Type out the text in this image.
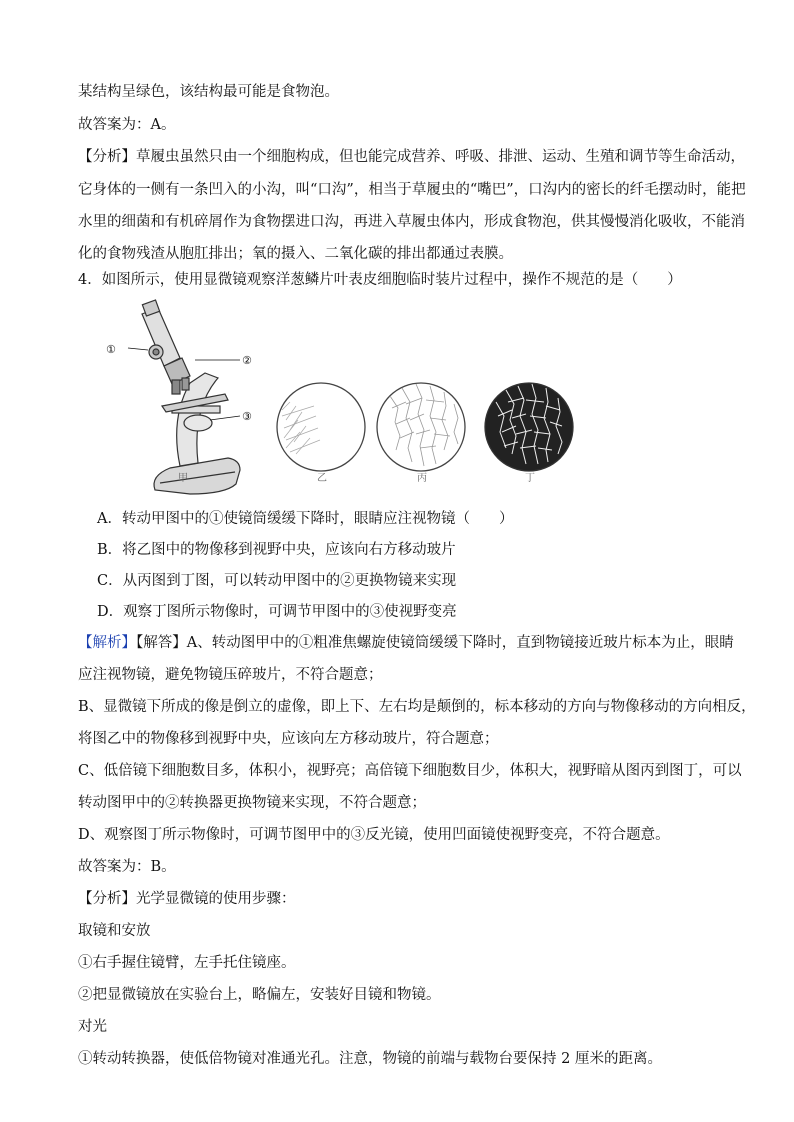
某结构呈绿色，该结构最可能是食物泡。
故答案为：A。
【分析】草履虫虽然只由一个细胞构成，但也能完成营养、呼吸、排泄、运动、生殖和调节等生命活动，
它身体的一侧有一条凹入的小沟，叫“口沟”，相当于草履虫的“嘴巴”，口沟内的密长的纤毛摆动时，能把
水里的细菌和有机碎屑作为食物摆进口沟，再进入草履虫体内，形成食物泡，供其慢慢消化吸收，不能消
化的食物残渣从胞肛排出；氧的摄入、二氧化碳的排出都通过表膜。
4．如图所示，使用显微镜观察洋葱鳞片叶表皮细胞临时装片过程中，操作不规范的是（　　）
①
②
③
甲	乙	丙	丁
A．转动甲图中的①使镜筒缓缓下降时，眼睛应注视物镜（　　）
B．将乙图中的物像移到视野中央，应该向右方移动玻片
C．从丙图到丁图，可以转动甲图中的②更换物镜来实现
D．观察丁图所示物像时，可调节甲图中的③使视野变亮
【解析】【解答】A、转动图甲中的①粗准焦螺旋使镜筒缓缓下降时，直到物镜接近玻片标本为止，眼睛
应注视物镜，避免物镜压碎玻片，不符合题意；
B、显微镜下所成的像是倒立的虚像，即上下、左右均是颠倒的，标本移动的方向与物像移动的方向相反，
将图乙中的物像移到视野中央，应该向左方移动玻片，符合题意；
C、低倍镜下细胞数目多，体积小，视野亮；高倍镜下细胞数目少，体积大，视野暗从图丙到图丁，可以
转动图甲中的②转换器更换物镜来实现，不符合题意；
D、观察图丁所示物像时，可调节图甲中的③反光镜，使用凹面镜使视野变亮，不符合题意。
故答案为：B。
【分析】光学显微镜的使用步骤：
取镜和安放
①右手握住镜臂，左手托住镜座。
②把显微镜放在实验台上，略偏左，安装好目镜和物镜。
对光
①转动转换器，使低倍物镜对准通光孔。注意，物镜的前端与载物台要保持 2 厘米的距离。
